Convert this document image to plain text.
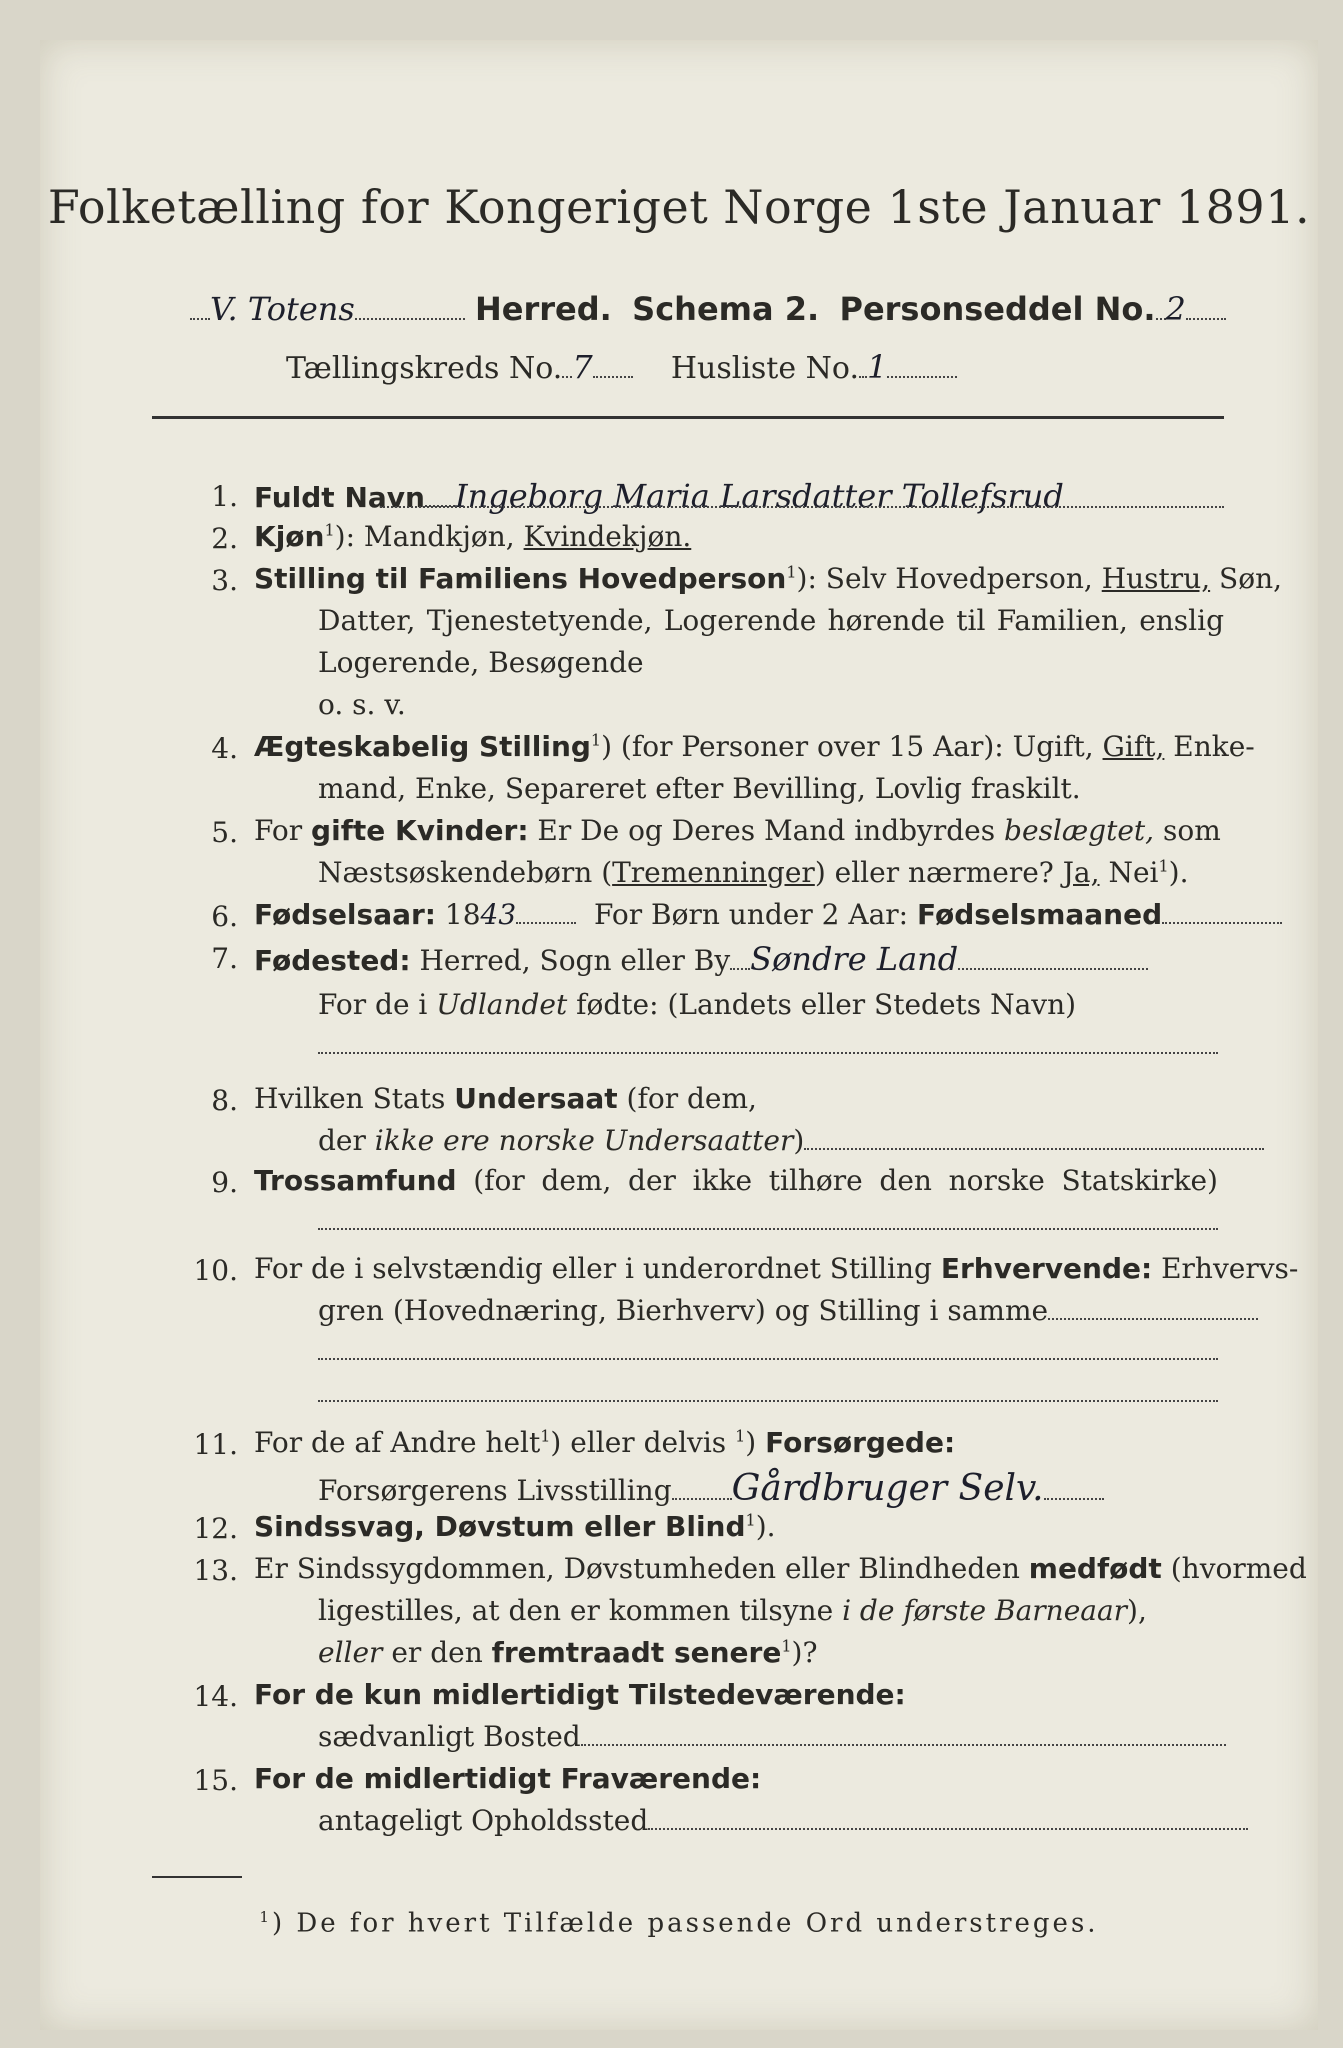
Folketælling for Kongeriget Norge 1ste Januar 1891.
V. Totens	Herred. Schema 2. Personseddel No. 2
Tællingskreds No. 7	Husliste No. 1
1. Fuldt Navn Ingeborg Maria Larsdatter Tollefsrud
2. Kjøn$^1$): Mandkjøn, Kvindekjøn.
3. Stilling til Familiens Hovedperson$^1$): Selv Hovedperson, Hustru, Søn,
Datter, Tjenestetyende, Logerende hørende til Familien, enslig
Logerende, Besøgende
o. s. v.
4. Ægteskabelig Stilling$^1$) (for Personer over 15 Aar): Ugift, Gift, Enke-
mand, Enke, Separeret efter Bevilling, Lovlig fraskilt.
5. For gifte Kvinder: Er De og Deres Mand indbyrdes beslægtet, som
Næstsøskendebørn (Tremenninger) eller nærmere? Ja, Nei$^1$).
6. Fødselsaar: 1843	For Børn under 2 Aar: Fødselsmaaned
7. Fødested: Herred, Sogn eller By Søndre Land
For de i Udlandet fødte: (Landets eller Stedets Navn)
8. Hvilken Stats Undersaat (for dem,
der ikke ere norske Undersaatter)
9. Trossamfund (for dem, der ikke tilhøre den norske Statskirke)
10. For de i selvstændig eller i underordnet Stilling Erhvervende: Erhvervs-
gren (Hovednæring, Bierhverv) og Stilling i samme
11. For de af Andre helt$^1$) eller delvis $^1$) Forsørgede:
Forsørgerens Livsstilling Gårdbruger Selv.
12. Sindssvag, Døvstum eller Blind$^1$).
13. Er Sindssygdommen, Døvstumheden eller Blindheden medfødt (hvormed
ligestilles, at den er kommen tilsyne i de første Barneaar),
eller er den fremtraadt senere$^1$)?
14. For de kun midlertidigt Tilstedeværende:
sædvanligt Bosted
15. For de midlertidigt Fraværende:
antageligt Opholdssted
$^1$) De for hvert Tilfælde passende Ord understreges.
